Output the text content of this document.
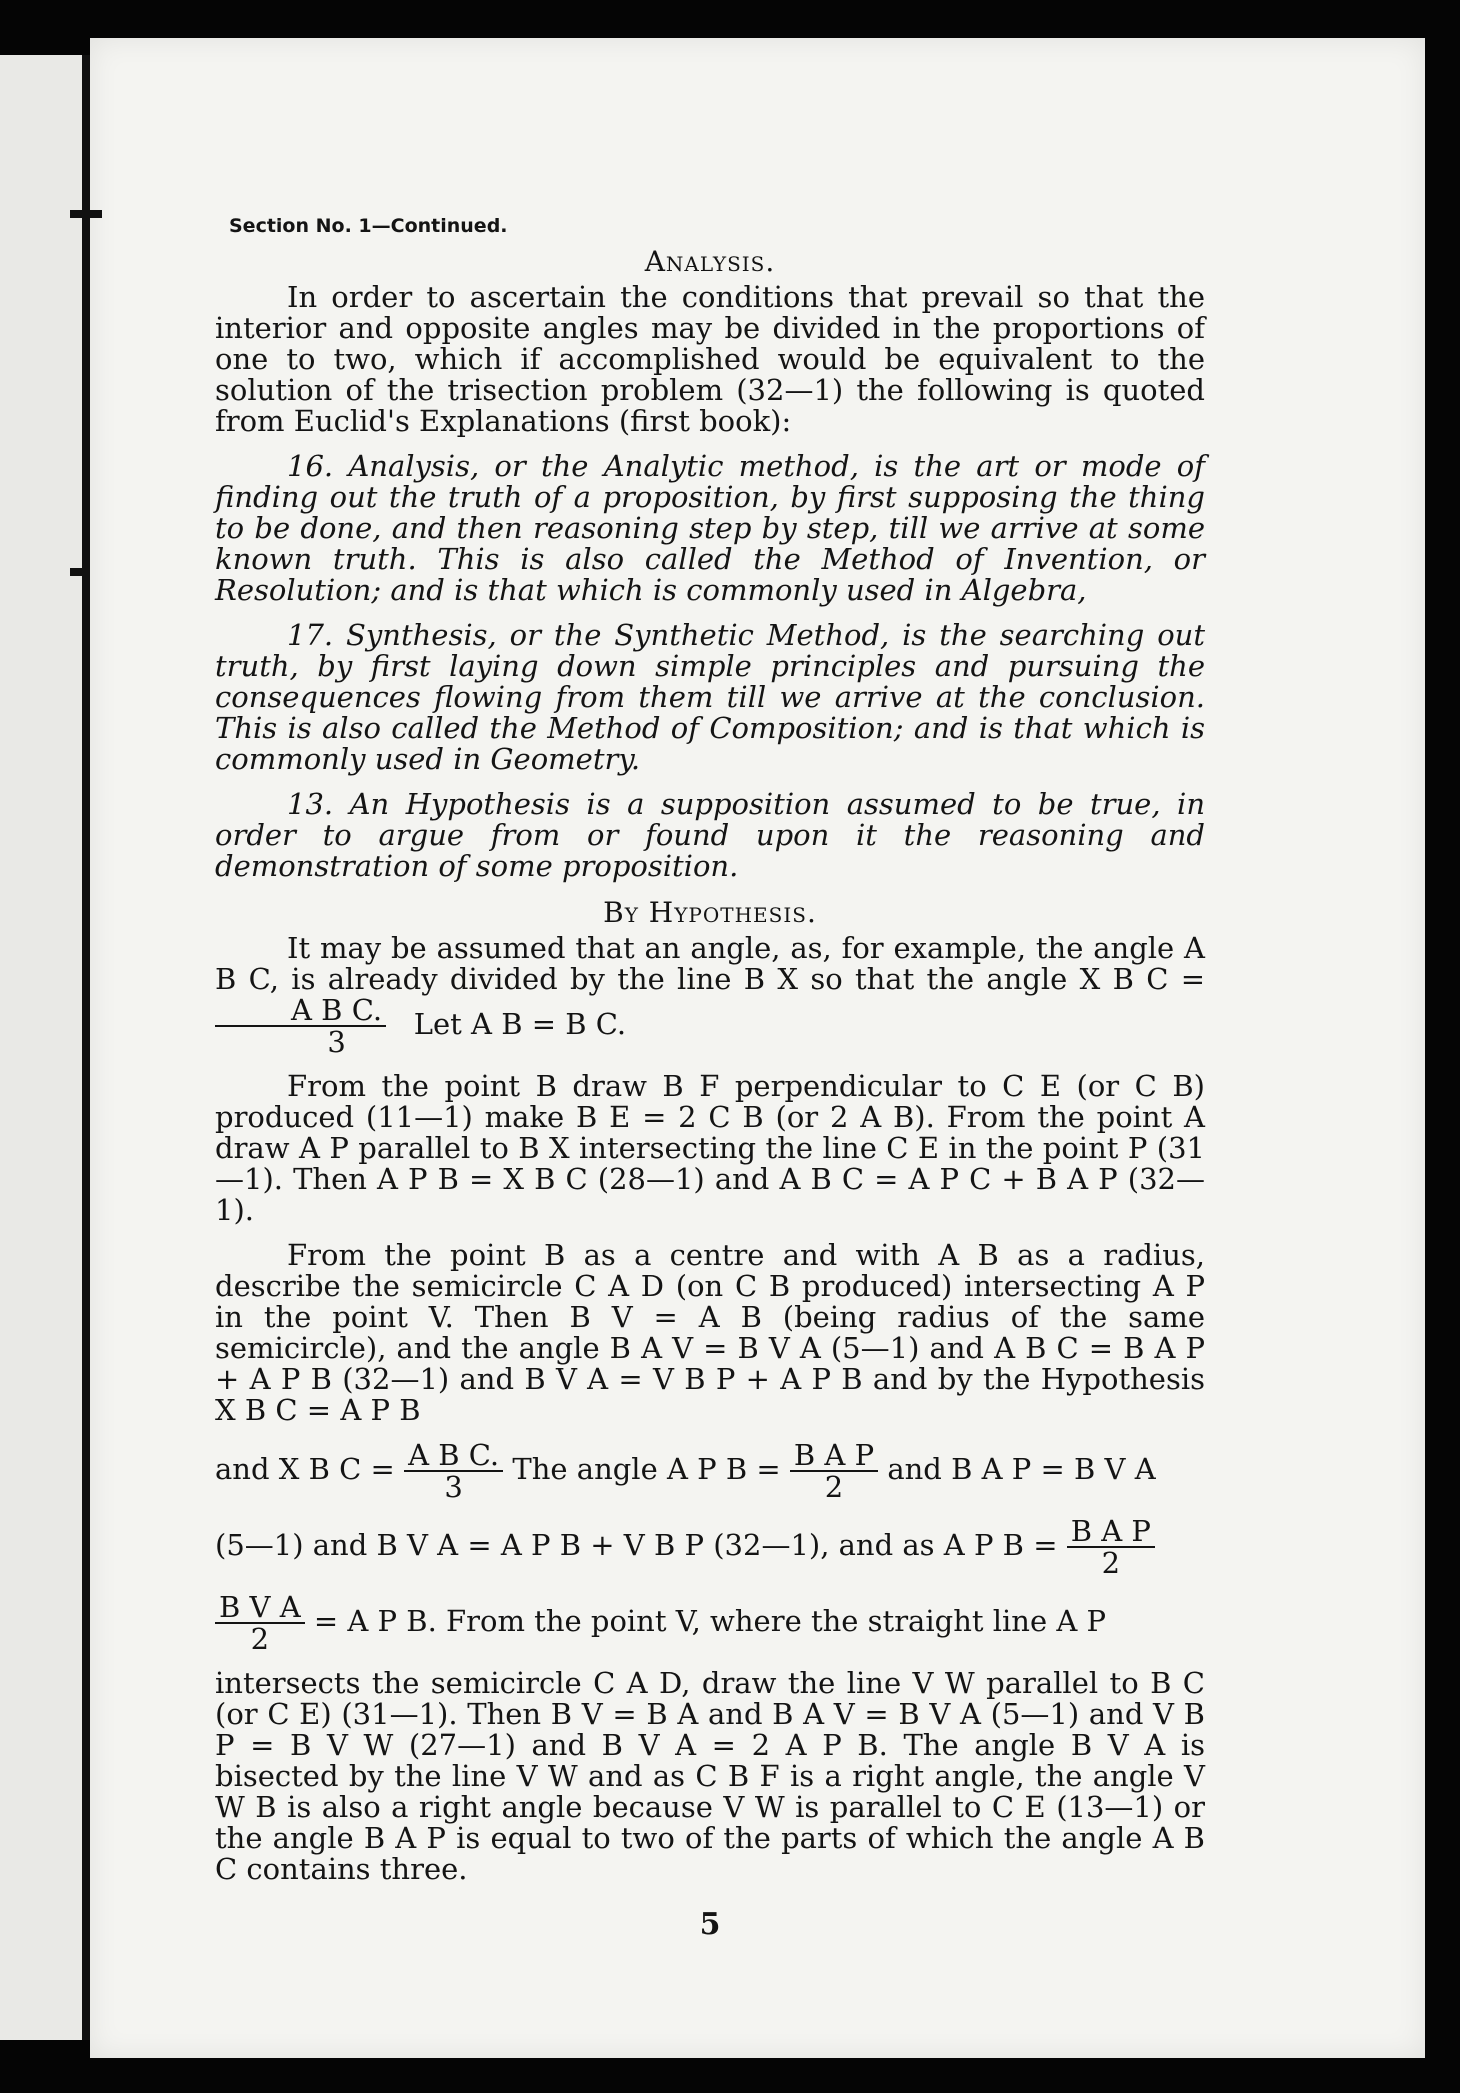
Section No. 1—Continued.
Analysis.

In order to ascertain the conditions that prevail so that the interior and opposite angles may be divided in the proportions of one to two, which if accomplished would be equivalent to the solution of the trisection problem (32—1) the following is quoted from Euclid's Explanations (first book):

16. Analysis, or the Analytic method, is the art or mode of finding out the truth of a proposition, by first supposing the thing to be done, and then reasoning step by step, till we arrive at some known truth. This is also called the Method of Invention, or Resolution; and is that which is commonly used in Algebra,

17. Synthesis, or the Synthetic Method, is the searching out truth, by first laying down simple principles and pursuing the consequences flowing from them till we arrive at the conclusion. This is also called the Method of Composition; and is that which is commonly used in Geometry.

13. An Hypothesis is a supposition assumed to be true, in order to argue from or found upon it the reasoning and demonstration of some proposition.

By Hypothesis.

It may be assumed that an angle, as, for example, the angle A B C, is already divided by the line B X so that the angle X B C =
$\frac{\text{A B C.}}{3}$ Let A B = B C.

From the point B draw B F perpendicular to C E (or C B) produced (11—1) make B E = 2 C B (or 2 A B). From the point A draw A P parallel to B X intersecting the line C E in the point P (31—1). Then A P B = X B C (28—1) and A B C = A P C + B A P (32—1).

From the point B as a centre and with A B as a radius, describe the semicircle C A D (on C B produced) intersecting A P in the point V. Then B V = A B (being radius of the same semicircle), and the angle B A V = B V A (5—1) and A B C = B A P + A P B (32—1) and B V A = V B P + A P B and by the Hypothesis X B C = A P B

and X B $C = \frac{\text{A B C.}}{3}$ The angle A P $B = \frac{\text{B A P}}{2}$ and B A P = B V A
(5—1) and B V A = A P B + V B P (32—1), and as A P $B = \frac{\text{B A P}}{2}$
$\frac{\text{B V A}}{2} = A$ P B. From the point V, where the straight line A P

intersects the semicircle C A D, draw the line V W parallel to B C (or C E) (31—1). Then B V = B A and B A V = B V A (5—1) and V B P = B V W (27—1) and B V A = 2 A P B. The angle B V A is bisected by the line V W and as C B F is a right angle, the angle V W B is also a right angle because V W is parallel to C E (13—1) or the angle B A P is equal to two of the parts of which the angle A B C contains three.

5
